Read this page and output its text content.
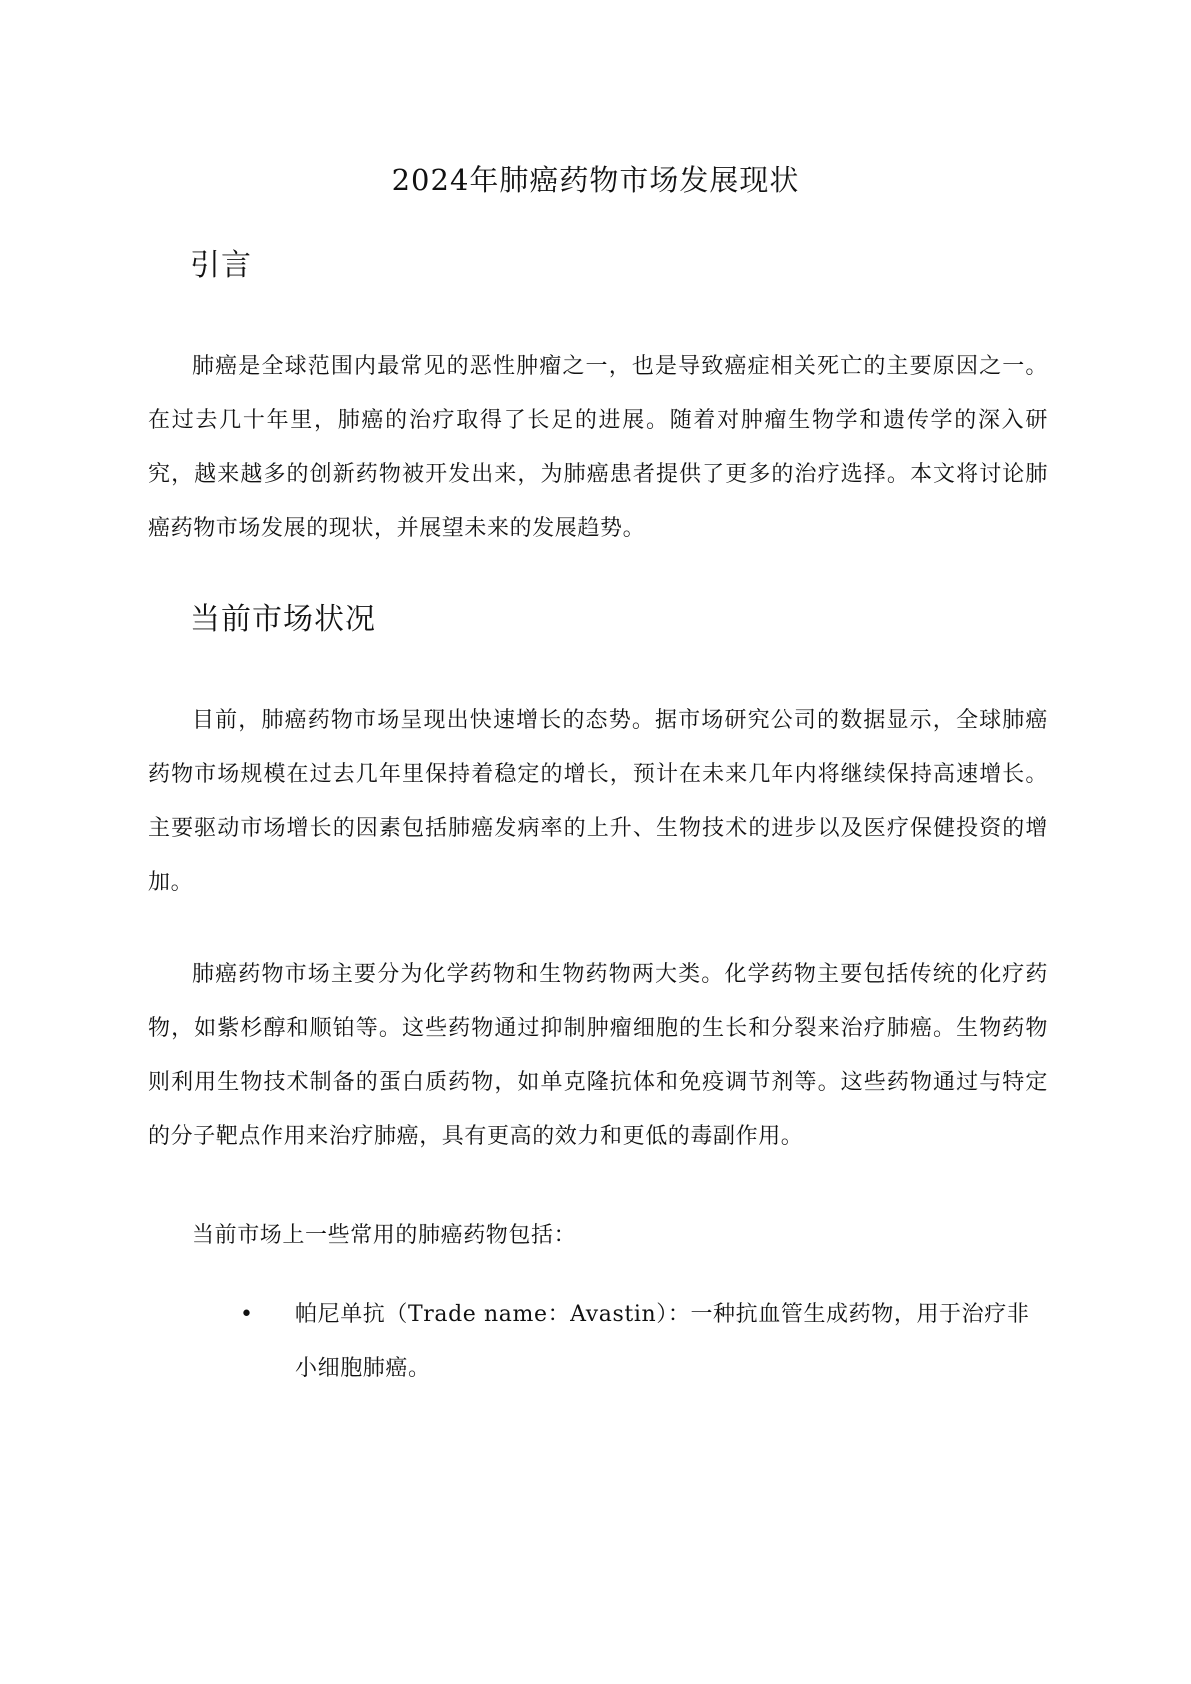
2024年肺癌药物市场发展现状
引言

肺癌是全球范围内最常见的恶性肿瘤之一，也是导致癌症相关死亡的主要原因之一。在过去几十年里，肺癌的治疗取得了长足的进展。随着对肿瘤生物学和遗传学的深入研究，越来越多的创新药物被开发出来，为肺癌患者提供了更多的治疗选择。本文将讨论肺癌药物市场发展的现状，并展望未来的发展趋势。

当前市场状况

目前，肺癌药物市场呈现出快速增长的态势。据市场研究公司的数据显示，全球肺癌药物市场规模在过去几年里保持着稳定的增长，预计在未来几年内将继续保持高速增长。主要驱动市场增长的因素包括肺癌发病率的上升、生物技术的进步以及医疗保健投资的增加。

肺癌药物市场主要分为化学药物和生物药物两大类。化学药物主要包括传统的化疗药物，如紫杉醇和顺铂等。这些药物通过抑制肿瘤细胞的生长和分裂来治疗肺癌。生物药物则利用生物技术制备的蛋白质药物，如单克隆抗体和免疫调节剂等。这些药物通过与特定的分子靶点作用来治疗肺癌，具有更高的效力和更低的毒副作用。

当前市场上一些常用的肺癌药物包括：

•	帕尼单抗（Trade name：Avastin）：一种抗血管生成药物，用于治疗非小细胞肺癌。
